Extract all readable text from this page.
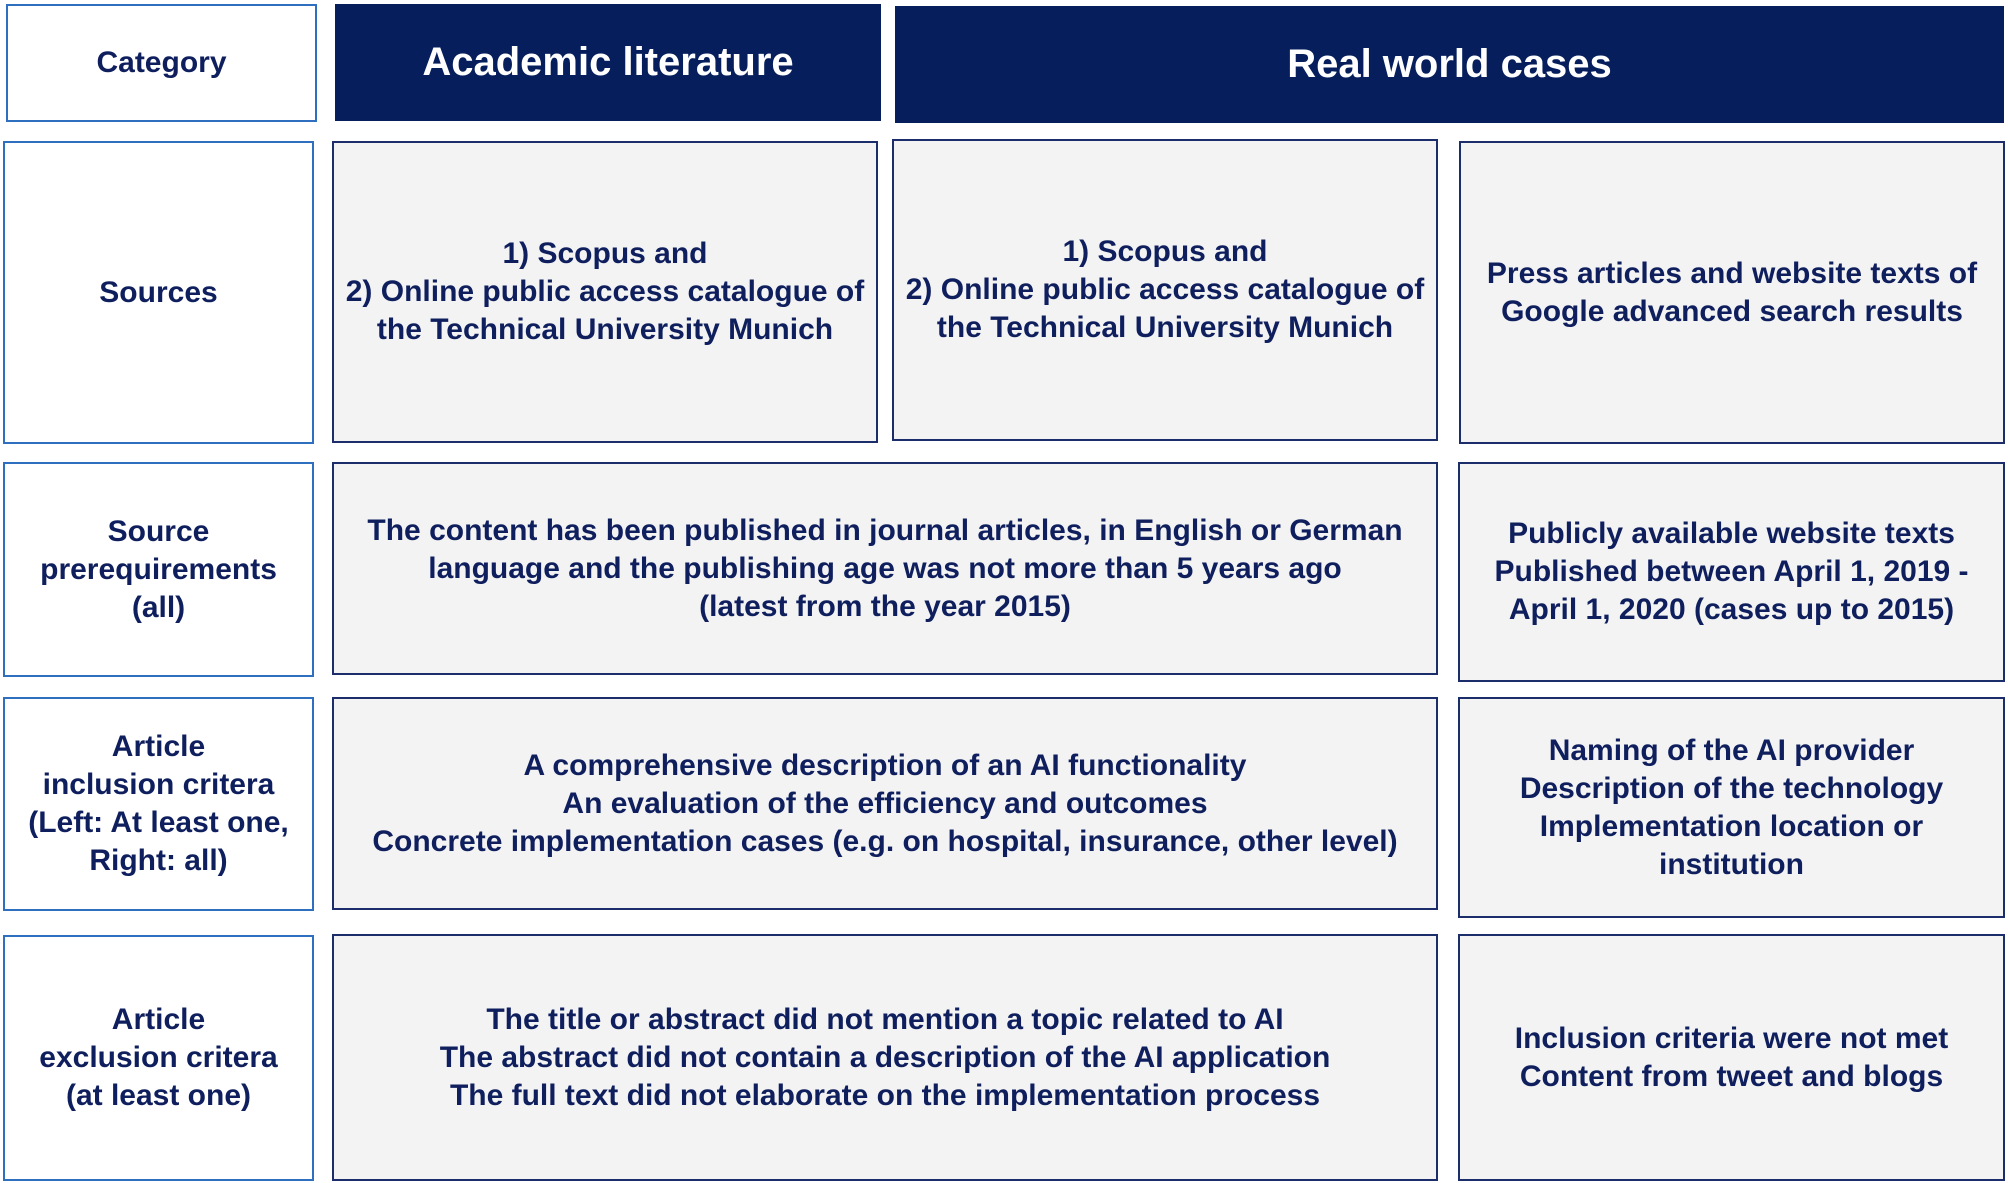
Category	Academic literature	Real world cases
Sources
1) Scopus and
2) Online public access catalogue of
the Technical University Munich
1) Scopus and
2) Online public access catalogue of
the Technical University Munich
Press articles and website texts of
Google advanced search results
Source
prerequirements
(all)
The content has been published in journal articles, in English or German
language and the publishing age was not more than 5 years ago
(latest from the year 2015)
Publicly available website texts
Published between April 1, 2019 -
April 1, 2020 (cases up to 2015)
Article
inclusion critera
(Left: At least one,
Right: all)
A comprehensive description of an AI functionality
An evaluation of the efficiency and outcomes
Concrete implementation cases (e.g. on hospital, insurance, other level)
Naming of the AI provider
Description of the technology
Implementation location or
institution
Article
exclusion critera
(at least one)
The title or abstract did not mention a topic related to AI
The abstract did not contain a description of the AI application
The full text did not elaborate on the implementation process
Inclusion criteria were not met
Content from tweet and blogs
